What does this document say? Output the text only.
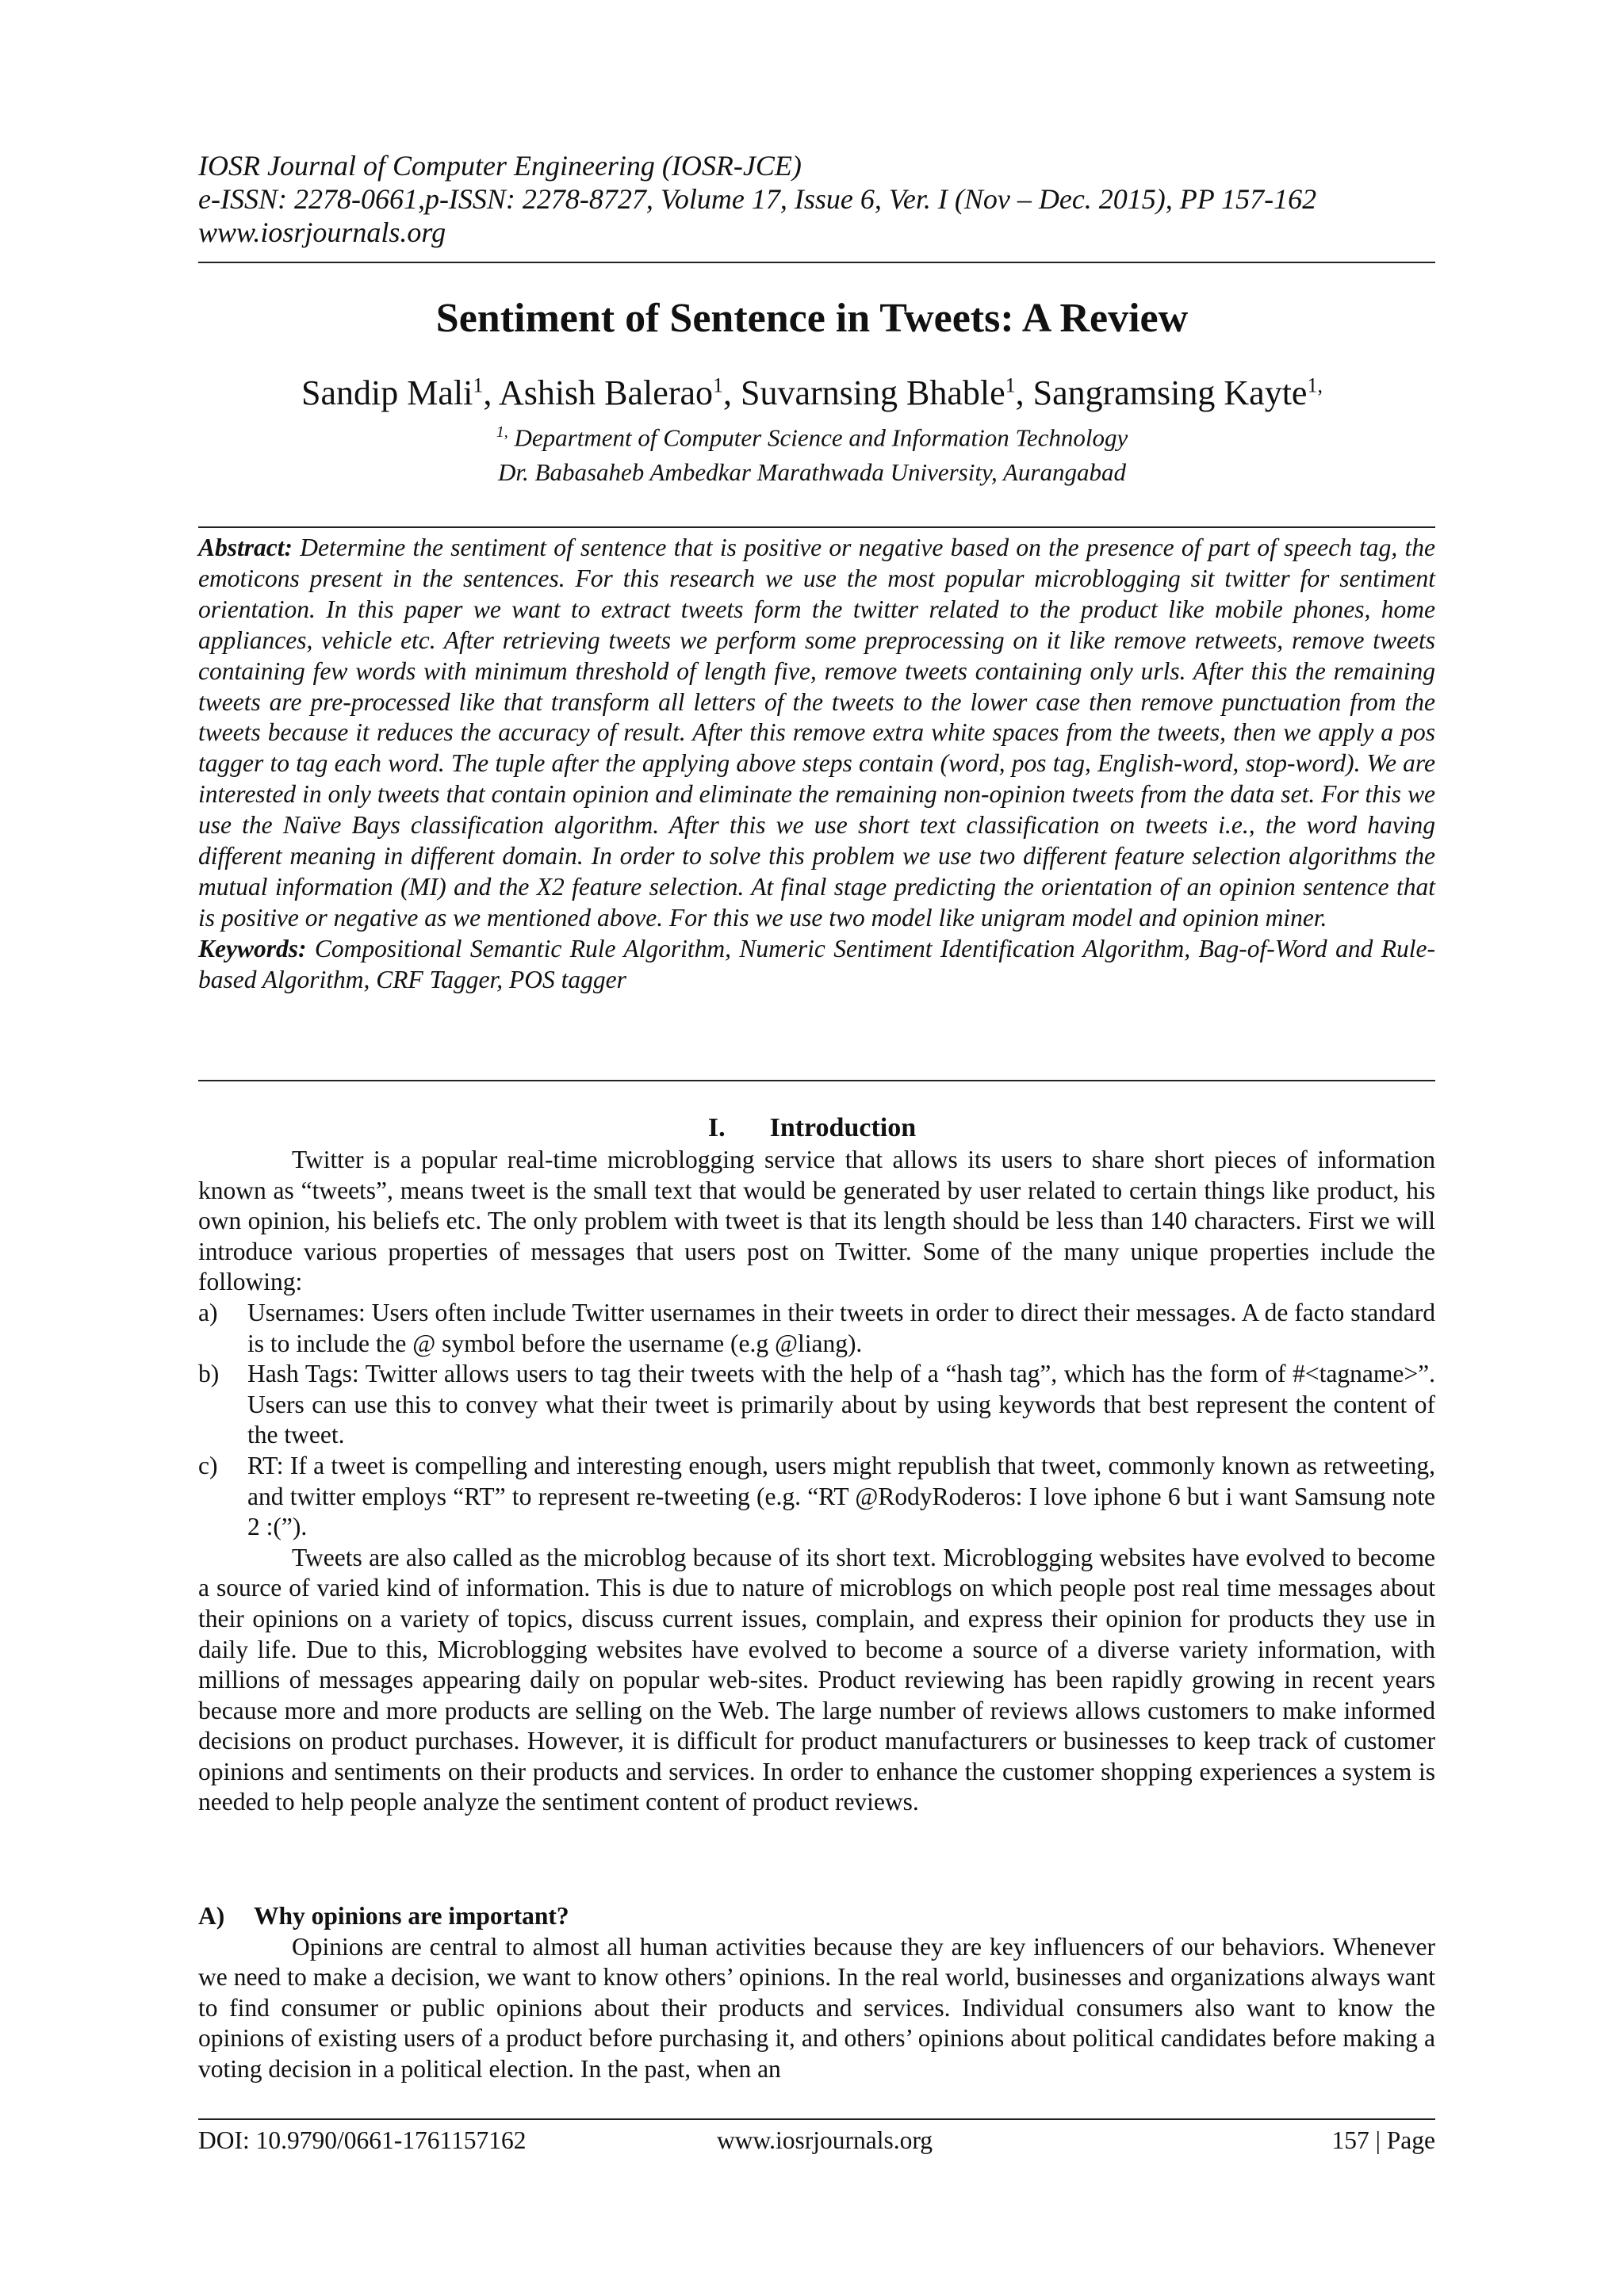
IOSR Journal of Computer Engineering (IOSR-JCE)
e-ISSN: 2278-0661,p-ISSN: 2278-8727, Volume 17, Issue 6, Ver. I (Nov – Dec. 2015), PP 157-162
www.iosrjournals.org
Sentiment of Sentence in Tweets: A Review
Sandip Mali$^1$, Ashish Balerao$^1$, Suvarnsing Bhable$^1$, Sangramsing Kayte$^{1,}$
$^{1,}$ Department of Computer Science and Information Technology
Dr. Babasaheb Ambedkar Marathwada University, Aurangabad

Abstract: Determine the sentiment of sentence that is positive or negative based on the presence of part of speech tag, the emoticons present in the sentences. For this research we use the most popular microblogging sit twitter for sentiment orientation. In this paper we want to extract tweets form the twitter related to the product like mobile phones, home appliances, vehicle etc. After retrieving tweets we perform some preprocessing on it like remove retweets, remove tweets containing few words with minimum threshold of length five, remove tweets containing only urls. After this the remaining tweets are pre-processed like that transform all letters of the tweets to the lower case then remove punctuation from the tweets because it reduces the accuracy of result. After this remove extra white spaces from the tweets, then we apply a pos tagger to tag each word. The tuple after the applying above steps contain (word, pos tag, English-word, stop-word). We are interested in only tweets that contain opinion and eliminate the remaining non-opinion tweets from the data set. For this we use the Naïve Bays classification algorithm. After this we use short text classification on tweets i.e., the word having different meaning in different domain. In order to solve this problem we use two different feature selection algorithms the mutual information (MI) and the X2 feature selection. At final stage predicting the orientation of an opinion sentence that is positive or negative as we mentioned above. For this we use two model like unigram model and opinion miner.

Keywords: Compositional Semantic Rule Algorithm, Numeric Sentiment Identification Algorithm, Bag-of-Word and Rule-based Algorithm, CRF Tagger, POS tagger

I. Introduction

Twitter is a popular real-time microblogging service that allows its users to share short pieces of information known as “tweets”, means tweet is the small text that would be generated by user related to certain things like product, his own opinion, his beliefs etc. The only problem with tweet is that its length should be less than 140 characters. First we will introduce various properties of messages that users post on Twitter. Some of the many unique properties include the following:

a) Usernames: Users often include Twitter usernames in their tweets in order to direct their messages. A de facto standard is to include the @ symbol before the username (e.g @liang).
b) Hash Tags: Twitter allows users to tag their tweets with the help of a “hash tag”, which has the form of #<tagname>”. Users can use this to convey what their tweet is primarily about by using keywords that best represent the content of the tweet.
c) RT: If a tweet is compelling and interesting enough, users might republish that tweet, commonly known as retweeting, and twitter employs “RT” to represent re-tweeting (e.g. “RT @RodyRoderos: I love iphone 6 but i want Samsung note 2 :(”).

Tweets are also called as the microblog because of its short text. Microblogging websites have evolved to become a source of varied kind of information. This is due to nature of microblogs on which people post real time messages about their opinions on a variety of topics, discuss current issues, complain, and express their opinion for products they use in daily life. Due to this, Microblogging websites have evolved to become a source of a diverse variety information, with millions of messages appearing daily on popular web-sites. Product reviewing has been rapidly growing in recent years because more and more products are selling on the Web. The large number of reviews allows customers to make informed decisions on product purchases. However, it is difficult for product manufacturers or businesses to keep track of customer opinions and sentiments on their products and services. In order to enhance the customer shopping experiences a system is needed to help people analyze the sentiment content of product reviews.

A) Why opinions are important?

Opinions are central to almost all human activities because they are key influencers of our behaviors. Whenever we need to make a decision, we want to know others’ opinions. In the real world, businesses and organizations always want to find consumer or public opinions about their products and services. Individual consumers also want to know the opinions of existing users of a product before purchasing it, and others’ opinions about political candidates before making a voting decision in a political election. In the past, when an

DOI: 10.9790/0661-1761157162	www.iosrjournals.org	157 | Page
